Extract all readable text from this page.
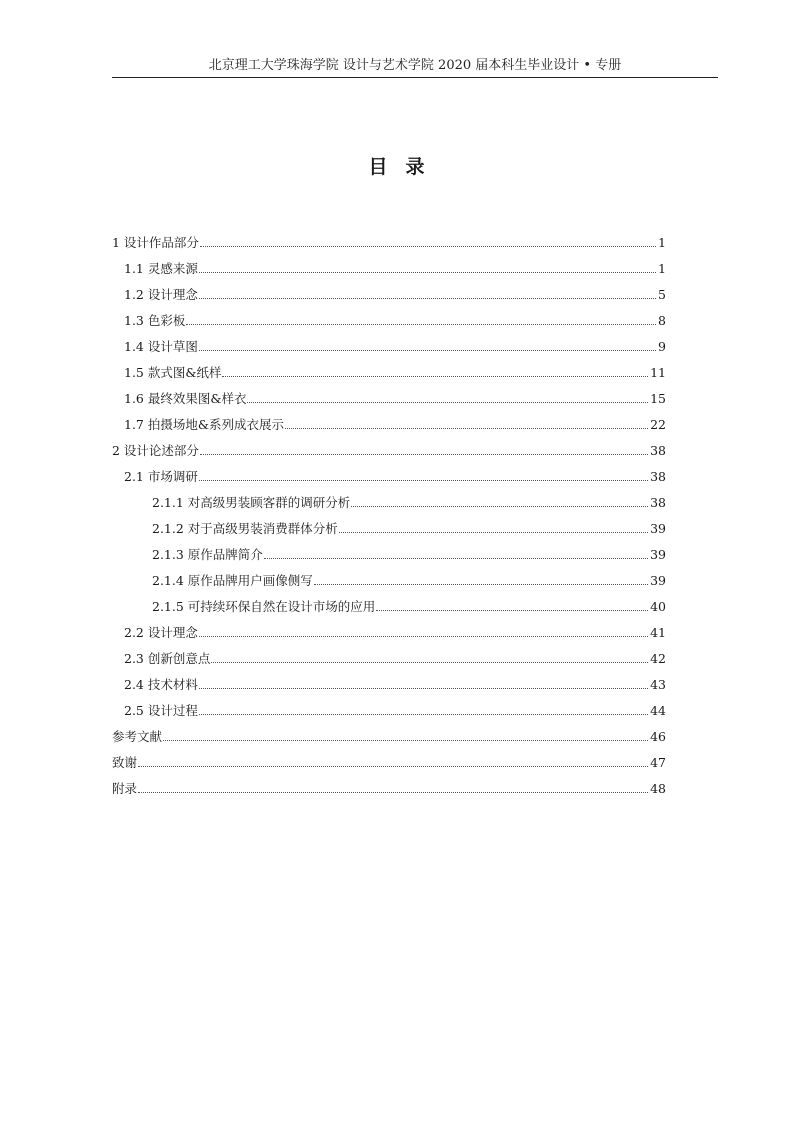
北京理工大学珠海学院 设计与艺术学院 2020 届本科生毕业设计 • 专册
目录
1 设计作品部分	1
1.1 灵感来源	1
1.2 设计理念	5
1.3 色彩板	8
1.4 设计草图	9
1.5 款式图&纸样	11
1.6 最终效果图&样衣	15
1.7 拍摄场地&系列成衣展示	22
2 设计论述部分	38
2.1 市场调研	38
2.1.1 对高级男装顾客群的调研分析	38
2.1.2 对于高级男装消费群体分析	39
2.1.3 原作品牌简介	39
2.1.4 原作品牌用户画像侧写	39
2.1.5 可持续环保自然在设计市场的应用	40
2.2 设计理念	41
2.3 创新创意点	42
2.4 技术材料	43
2.5 设计过程	44
参考文献	46
致谢	47
附录	48
